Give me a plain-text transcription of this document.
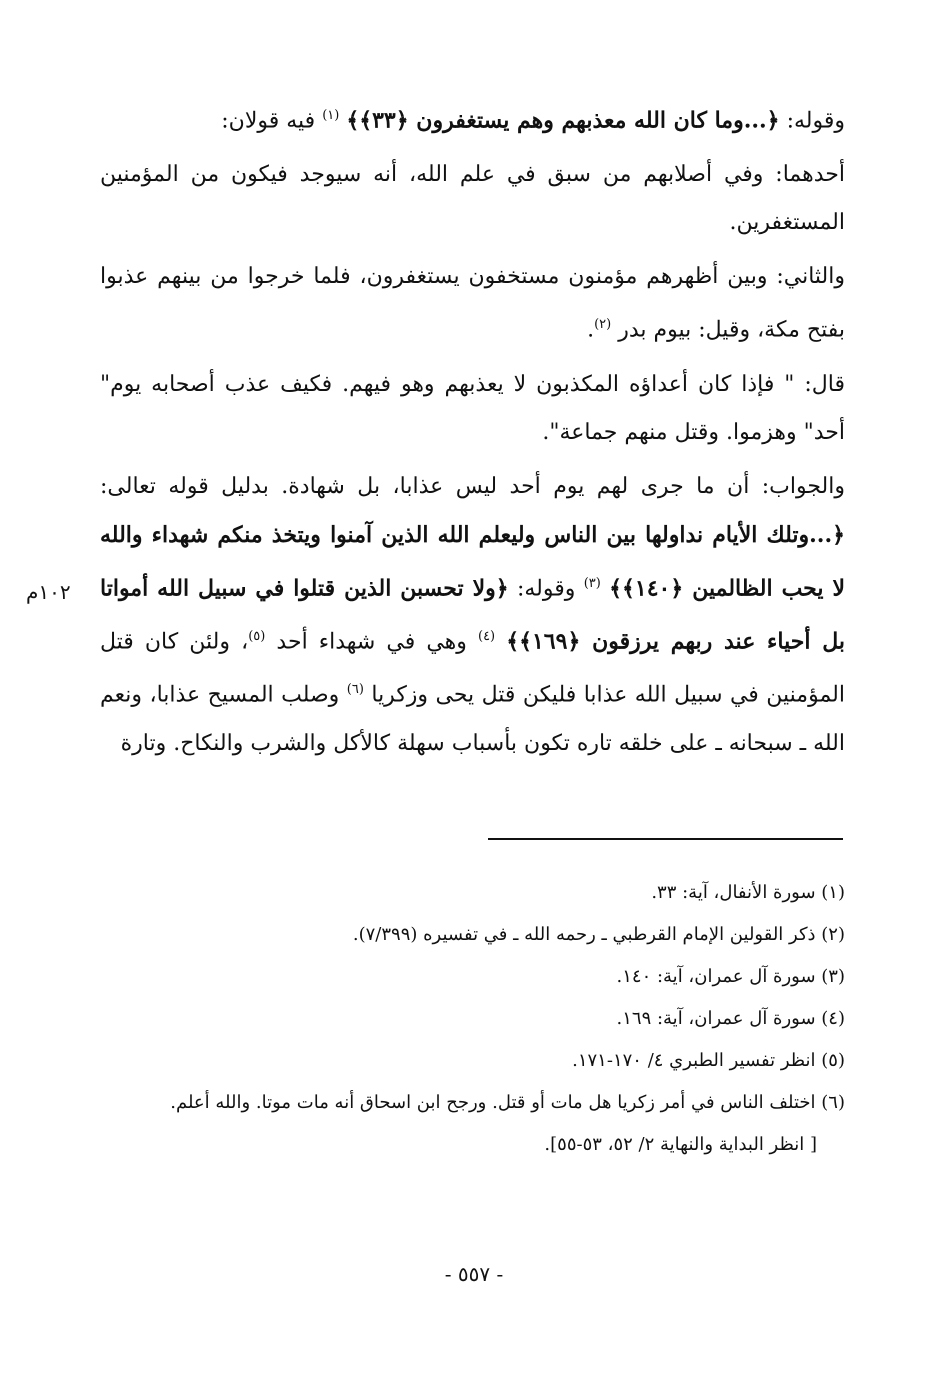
وقوله: ﴿...وما كان الله معذبهم وهم يستغفرون ﴿٣٣﴾﴾ $^{(١)}$ فيه قولان:

أحدهما: وفي أصلابهم من سبق في علم الله، أنه سيوجد فيكون من المؤمنين المستغفرين.

والثاني: وبين أظهرهم مؤمنون مستخفون يستغفرون، فلما خرجوا من بينهم عذبوا بفتح مكة، وقيل: بيوم بدر $^{(٢)}$.

قال: " فإذا كان أعداؤه المكذبون لا يعذبهم وهو فيهم. فكيف عذب أصحابه يوم" أحد" وهزموا. وقتل منهم جماعة".

والجواب: أن ما جرى لهم يوم أحد ليس عذابا، بل شهادة. بدليل قوله تعالى: ﴿...وتلك الأيام نداولها بين الناس وليعلم الله الذين آمنوا ويتخذ منكم شهداء والله لا يحب الظالمين ﴿١٤٠﴾﴾ $^{(٣)}$ وقوله: ﴿ولا تحسبن الذين قتلوا في سبيل الله أمواتا بل أحياء عند ربهم يرزقون ﴿١٦٩﴾﴾ $^{(٤)}$ وهي في شهداء أحد $^{(٥)}$، ولئن كان قتل المؤمنين في سبيل الله عذابا فليكن قتل يحى وزكريا $^{(٦)}$ وصلب المسيح عذابا، ونعم الله ـ سبحانه ـ على خلقه تاره تكون بأسباب سهلة كالأكل والشرب والنكاح. وتارة

١٠٢م

(١) سورة الأنفال، آية: ٣٣.

(٢) ذكر القولين الإمام القرطبي ـ رحمه الله ـ في تفسيره (٧/٣٩٩).

(٣) سورة آل عمران، آية: ١٤٠.

(٤) سورة آل عمران، آية: ١٦٩.

(٥) انظر تفسير الطبري ٤/ ١٧٠-١٧١.

(٦) اختلف الناس في أمر زكريا هل مات أو قتل. ورجح ابن اسحاق أنه مات موتا. والله أعلم.

[ انظر البداية والنهاية ٢/ ٥٢، ٥٣-٥٥].

- ٥٥٧ -
